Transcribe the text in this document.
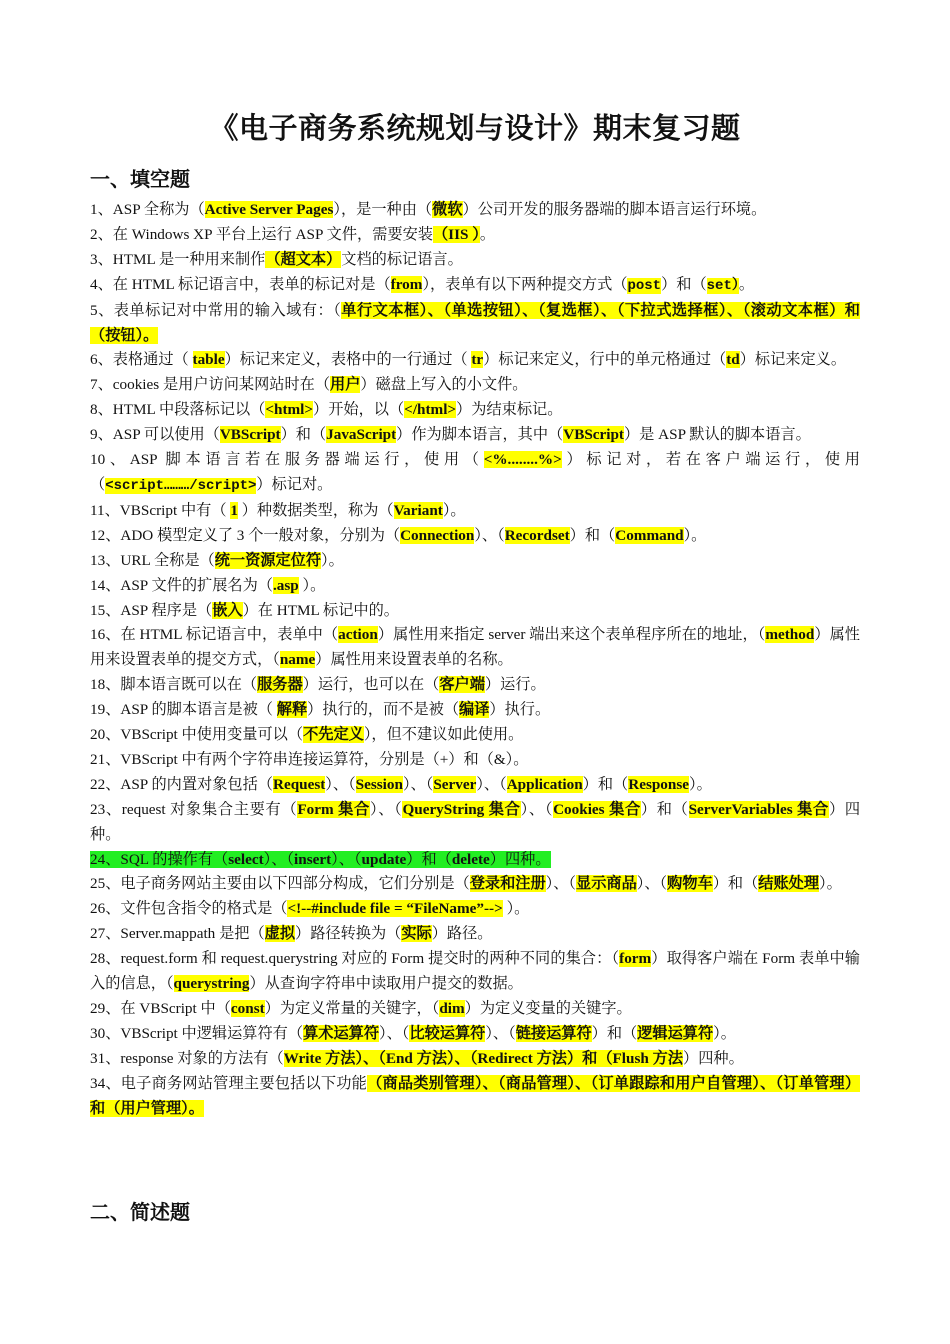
《电子商务系统规划与设计》期末复习题
一、填空题

1、ASP 全称为（Active Server Pages），是一种由（微软）公司开发的服务器端的脚本语言运行环境。

2、在 Windows XP 平台上运行 ASP 文件，需要安装（IIS ）。

3、HTML 是一种用来制作（超文本）文档的标记语言。

4、在 HTML 标记语言中，表单的标记对是（from），表单有以下两种提交方式（post）和（set）。

5、表单标记对中常用的输入域有：（单行文本框）、（单选按钮）、（复选框）、（下拉式选择框）、（滚动文本框）和（按钮）。

6、表格通过（ table）标记来定义，表格中的一行通过（ tr）标记来定义，行中的单元格通过（td）标记来定义。

7、cookies 是用户访问某网站时在（用户）磁盘上写入的小文件。

8、HTML 中段落标记以（<html>）开始，以（</html>）为结束标记。

9、ASP 可以使用（VBScript）和（JavaScript）作为脚本语言，其中（VBScript）是 ASP 默认的脚本语言。

10、ASP 脚本语言若在服务器端运行，使用（<%........%>）标记对，若在客户端运行，使用（<script………/script>）标记对。

11、VBScript 中有（ 1 ）种数据类型，称为（Variant）。

12、ADO 模型定义了 3 个一般对象，分别为（Connection）、（Recordset）和（Command）。

13、URL 全称是（统一资源定位符）。

14、ASP 文件的扩展名为（.asp ）。

15、ASP 程序是（嵌入）在 HTML 标记中的。

16、在 HTML 标记语言中，表单中（action）属性用来指定 server 端出来这个表单程序所在的地址，（method）属性用来设置表单的提交方式，（name）属性用来设置表单的名称。

18、脚本语言既可以在（服务器）运行，也可以在（客户端）运行。

19、ASP 的脚本语言是被（ 解释）执行的，而不是被（编译）执行。

20、VBScript 中使用变量可以（不先定义），但不建议如此使用。

21、VBScript 中有两个字符串连接运算符，分别是（+）和（&）。

22、ASP 的内置对象包括（Request）、（Session）、（Server）、（Application）和（Response）。

23、request 对象集合主要有（Form 集合）、（QueryString 集合）、（Cookies 集合）和（ServerVariables 集合）四种。

24、SQL 的操作有（select）、（insert）、（update）和（delete）四种。

25、电子商务网站主要由以下四部分构成，它们分别是（登录和注册）、（显示商品）、（购物车）和（结账处理）。

26、文件包含指令的格式是（<!--#include file = “FileName”--> ）。

27、Server.mappath 是把（虚拟）路径转换为（实际）路径。

28、request.form 和 request.querystring 对应的 Form 提交时的两种不同的集合：（form）取得客户端在 Form 表单中输入的信息，（querystring）从查询字符串中读取用户提交的数据。

29、在 VBScript 中（const）为定义常量的关键字，（dim）为定义变量的关键字。

30、VBScript 中逻辑运算符有（算术运算符）、（比较运算符）、（链接运算符）和（逻辑运算符）。

31、response 对象的方法有（Write 方法）、（End 方法）、（Redirect 方法）和（Flush 方法）四种。

34、电子商务网站管理主要包括以下功能（商品类别管理）、（商品管理）、（订单跟踪和用户自管理）、（订单管理）和（用户管理）。

二、简述题
